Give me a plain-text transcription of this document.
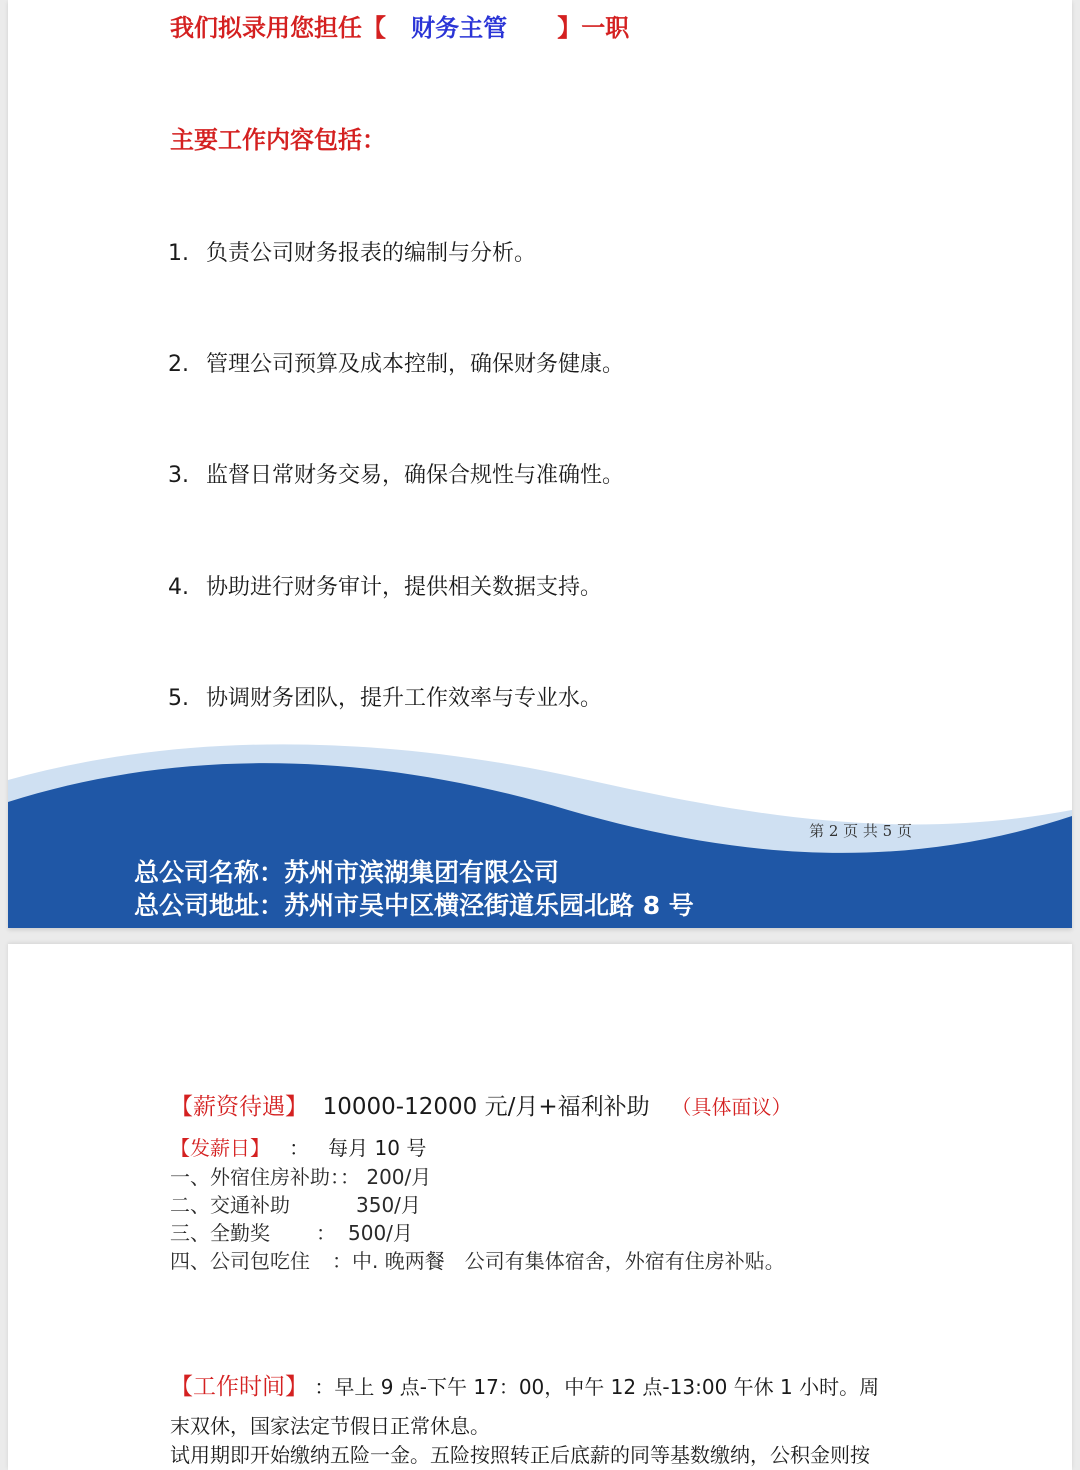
我们拟录用您担任【 财务主管 】一职
主要工作内容包括：
1. 负责公司财务报表的编制与分析。
2. 管理公司预算及成本控制，确保财务健康。
3. 监督日常财务交易，确保合规性与准确性。
4. 协助进行财务审计，提供相关数据支持。
5. 协调财务团队，提升工作效率与专业水。
第 2 页 共 5 页
总公司名称：苏州市滨湖集团有限公司
总公司地址：苏州市吴中区横泾街道乐园北路 8 号
【薪资待遇】 10000-12000 元/月+福利补助 （具体面议）
【发薪日】 ： 每月 10 号
一、外宿住房补助：： 200/月
二、交通补助	350/月
三、全勤奖 ： 500/月
四、公司包吃住 ：中. 晚两餐　公司有集体宿舍，外宿有住房补贴。
【工作时间】 ：早上 9 点-下午 17：00，中午 12 点-13:00 午休 1 小时。周
末双休，国家法定节假日正常休息。
试用期即开始缴纳五险一金。五险按照转正后底薪的同等基数缴纳，公积金则按
